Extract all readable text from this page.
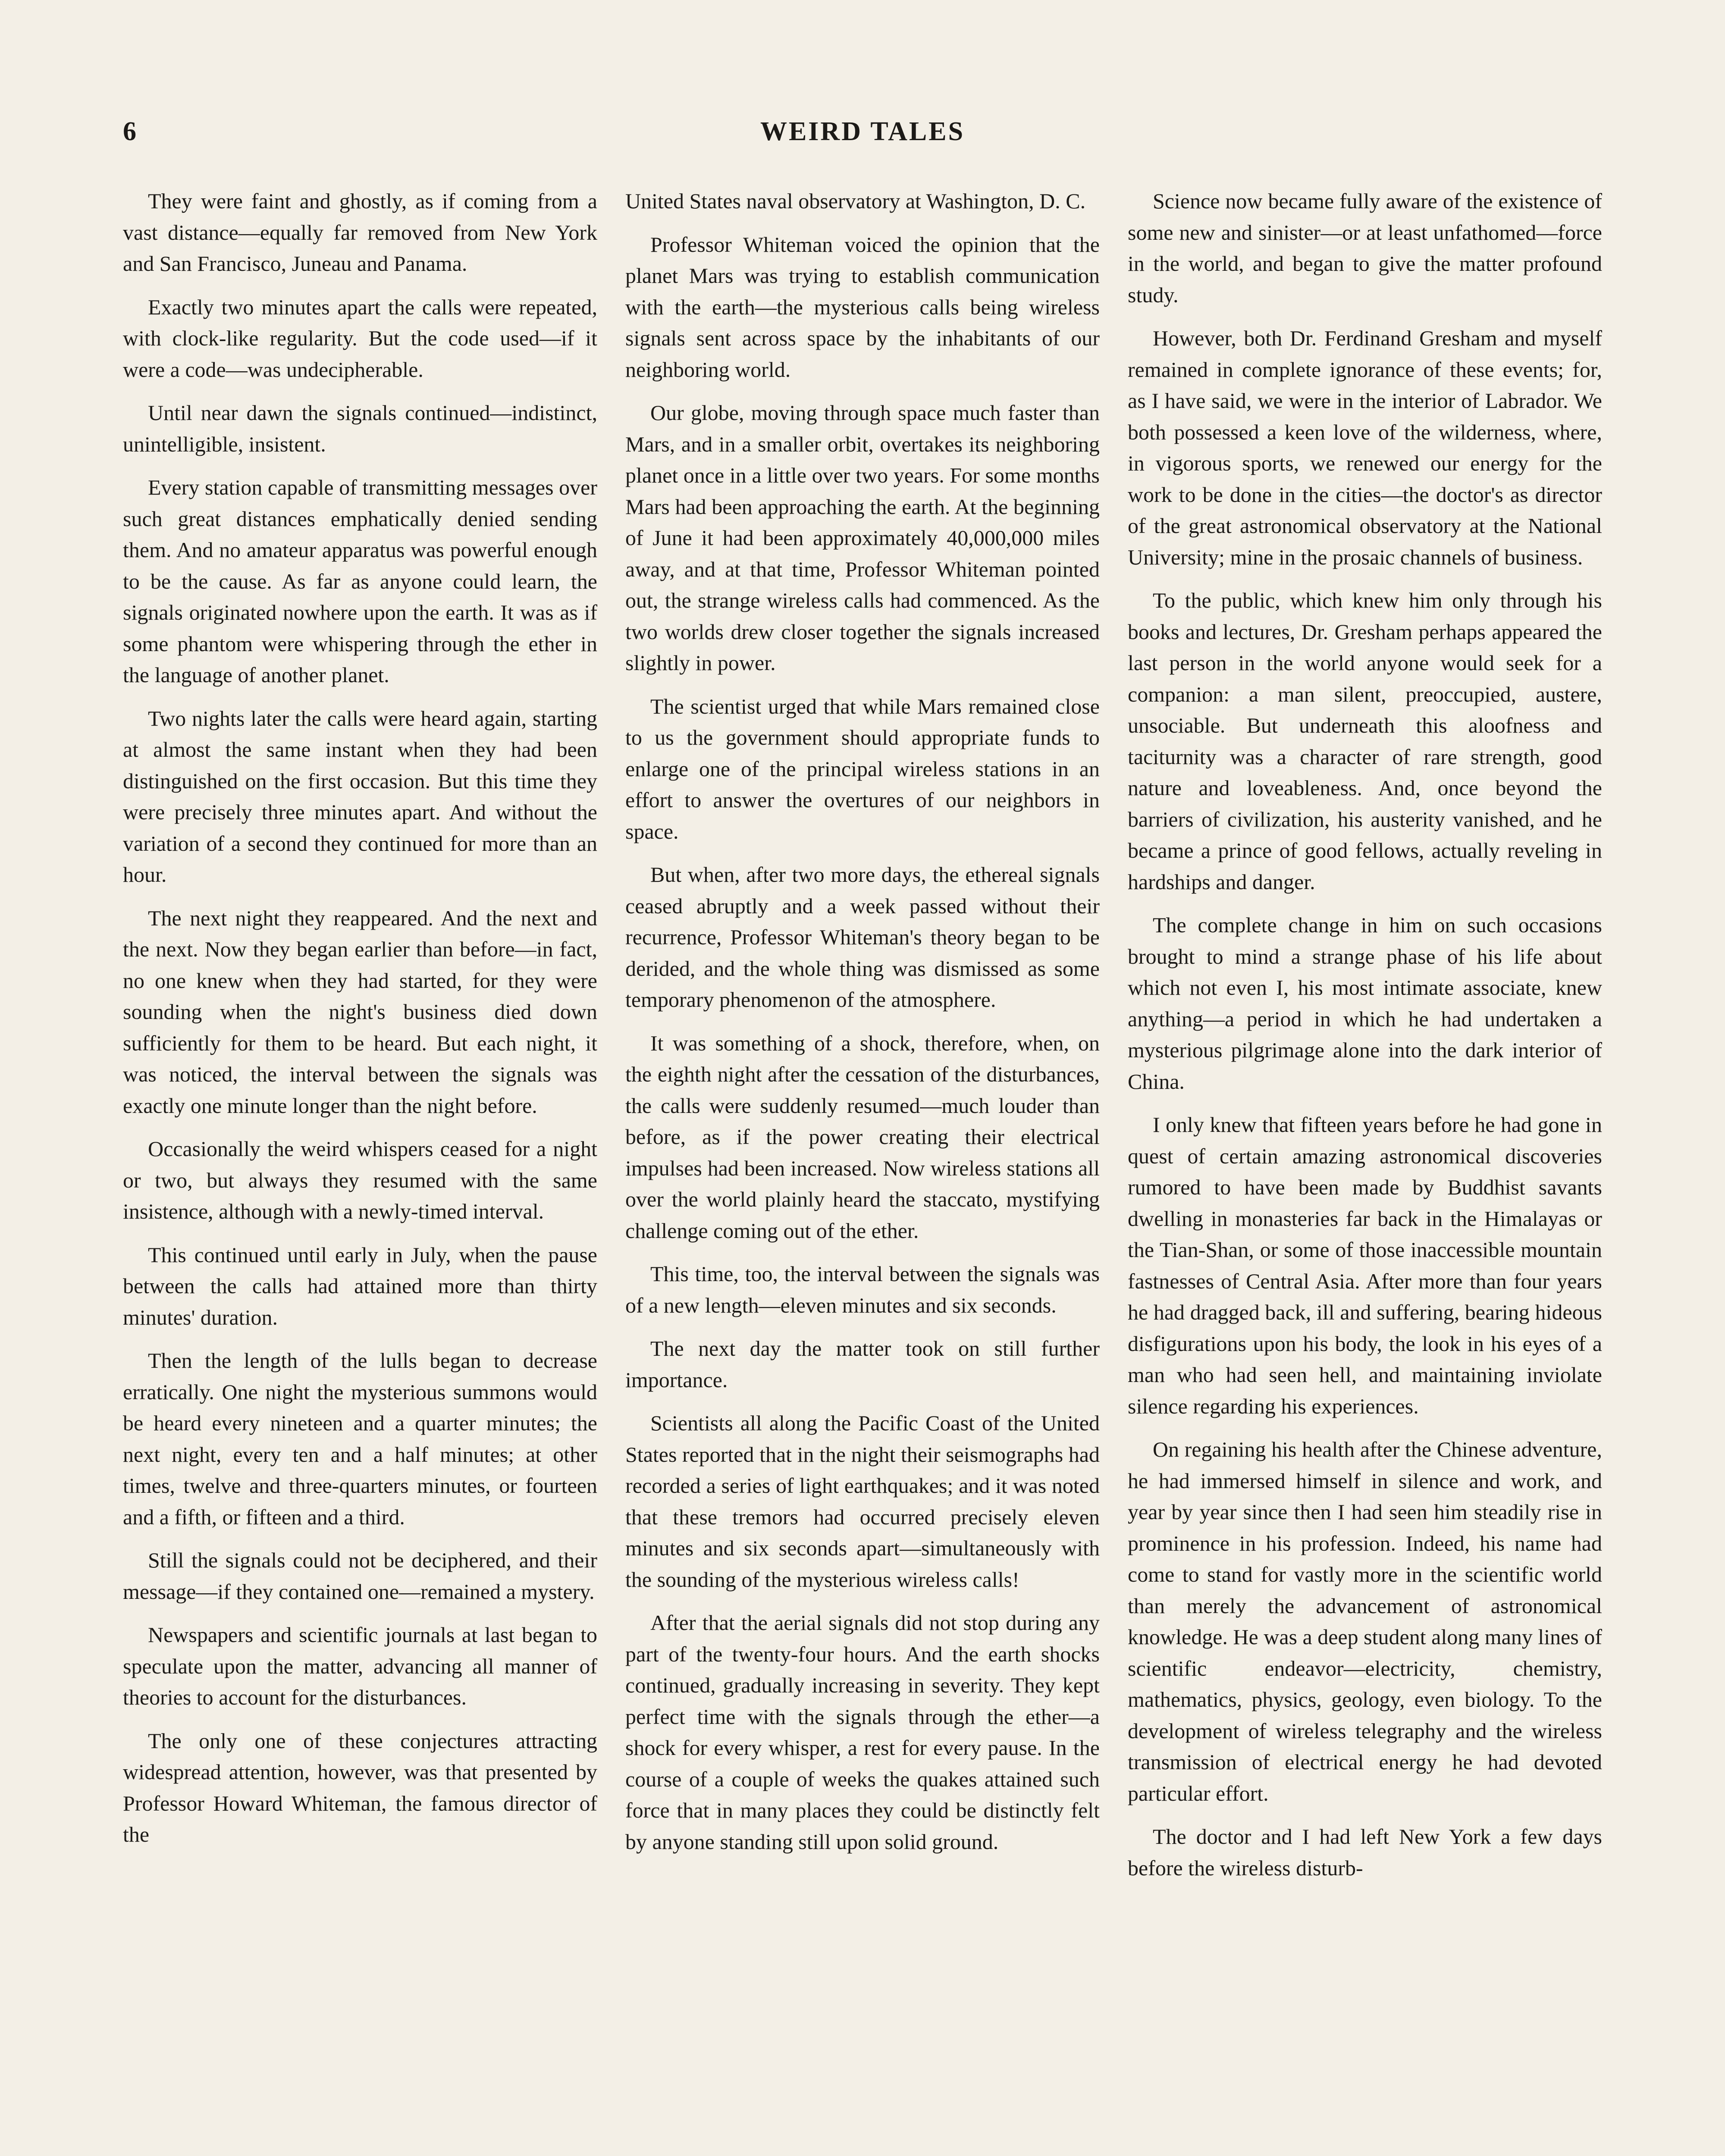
6	WEIRD TALES

They were faint and ghostly, as if coming from a vast distance—equally far removed from New York and San Francisco, Juneau and Panama.

Exactly two minutes apart the calls were repeated, with clock-like regularity. But the code used—if it were a code—was undecipherable.

Until near dawn the signals continued—indistinct, unintelligible, insistent.

Every station capable of transmitting messages over such great distances emphatically denied sending them. And no amateur apparatus was powerful enough to be the cause. As far as anyone could learn, the signals originated nowhere upon the earth. It was as if some phantom were whispering through the ether in the language of another planet.

Two nights later the calls were heard again, starting at almost the same instant when they had been distinguished on the first occasion. But this time they were precisely three minutes apart. And without the variation of a second they continued for more than an hour.

The next night they reappeared. And the next and the next. Now they began earlier than before—in fact, no one knew when they had started, for they were sounding when the night's business died down sufficiently for them to be heard. But each night, it was noticed, the interval between the signals was exactly one minute longer than the night before.

Occasionally the weird whispers ceased for a night or two, but always they resumed with the same insistence, although with a newly-timed interval.

This continued until early in July, when the pause between the calls had attained more than thirty minutes' duration.

Then the length of the lulls began to decrease erratically. One night the mysterious summons would be heard every nineteen and a quarter minutes; the next night, every ten and a half minutes; at other times, twelve and three-quarters minutes, or fourteen and a fifth, or fifteen and a third.

Still the signals could not be deciphered, and their message—if they contained one—remained a mystery.

Newspapers and scientific journals at last began to speculate upon the matter, advancing all manner of theories to account for the disturbances.

The only one of these conjectures attracting widespread attention, however, was that presented by Professor Howard Whiteman, the famous director of the

United States naval observatory at Washington, D. C.

Professor Whiteman voiced the opinion that the planet Mars was trying to establish communication with the earth—the mysterious calls being wireless signals sent across space by the inhabitants of our neighboring world.

Our globe, moving through space much faster than Mars, and in a smaller orbit, overtakes its neighboring planet once in a little over two years. For some months Mars had been approaching the earth. At the beginning of June it had been approximately 40,000,000 miles away, and at that time, Professor Whiteman pointed out, the strange wireless calls had commenced. As the two worlds drew closer together the signals increased slightly in power.

The scientist urged that while Mars remained close to us the government should appropriate funds to enlarge one of the principal wireless stations in an effort to answer the overtures of our neighbors in space.

But when, after two more days, the ethereal signals ceased abruptly and a week passed without their recurrence, Professor Whiteman's theory began to be derided, and the whole thing was dismissed as some temporary phenomenon of the atmosphere.

It was something of a shock, therefore, when, on the eighth night after the cessation of the disturbances, the calls were suddenly resumed—much louder than before, as if the power creating their electrical impulses had been increased. Now wireless stations all over the world plainly heard the staccato, mystifying challenge coming out of the ether.

This time, too, the interval between the signals was of a new length—eleven minutes and six seconds.

The next day the matter took on still further importance.

Scientists all along the Pacific Coast of the United States reported that in the night their seismographs had recorded a series of light earthquakes; and it was noted that these tremors had occurred precisely eleven minutes and six seconds apart—simultaneously with the sounding of the mysterious wireless calls!

After that the aerial signals did not stop during any part of the twenty-four hours. And the earth shocks continued, gradually increasing in severity. They kept perfect time with the signals through the ether—a shock for every whisper, a rest for every pause. In the course of a couple of weeks the quakes attained such force that in many places they could be distinctly felt by anyone standing still upon solid ground.

Science now became fully aware of the existence of some new and sinister—or at least unfathomed—force in the world, and began to give the matter profound study.

However, both Dr. Ferdinand Gresham and myself remained in complete ignorance of these events; for, as I have said, we were in the interior of Labrador. We both possessed a keen love of the wilderness, where, in vigorous sports, we renewed our energy for the work to be done in the cities—the doctor's as director of the great astronomical observatory at the National University; mine in the prosaic channels of business.

To the public, which knew him only through his books and lectures, Dr. Gresham perhaps appeared the last person in the world anyone would seek for a companion: a man silent, preoccupied, austere, unsociable. But underneath this aloofness and taciturnity was a character of rare strength, good nature and loveableness. And, once beyond the barriers of civilization, his austerity vanished, and he became a prince of good fellows, actually reveling in hardships and danger.

The complete change in him on such occasions brought to mind a strange phase of his life about which not even I, his most intimate associate, knew anything—a period in which he had undertaken a mysterious pilgrimage alone into the dark interior of China.

I only knew that fifteen years before he had gone in quest of certain amazing astronomical discoveries rumored to have been made by Buddhist savants dwelling in monasteries far back in the Himalayas or the Tian-Shan, or some of those inaccessible mountain fastnesses of Central Asia. After more than four years he had dragged back, ill and suffering, bearing hideous disfigurations upon his body, the look in his eyes of a man who had seen hell, and maintaining inviolate silence regarding his experiences.

On regaining his health after the Chinese adventure, he had immersed himself in silence and work, and year by year since then I had seen him steadily rise in prominence in his profession. Indeed, his name had come to stand for vastly more in the scientific world than merely the advancement of astronomical knowledge. He was a deep student along many lines of scientific endeavor—electricity, chemistry, mathematics, physics, geology, even biology. To the development of wireless telegraphy and the wireless transmission of electrical energy he had devoted particular effort.

The doctor and I had left New York a few days before the wireless disturb-
